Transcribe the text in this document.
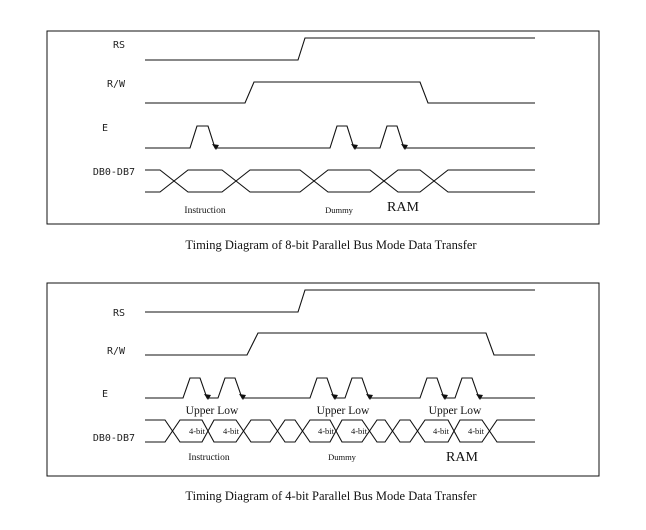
RS
R/W
E
DB0-DB7
Instruction	Dummy RAM
Timing Diagram of 8-bit Parallel Bus Mode Data Transfer
RS
R/W
E
Upper Low	Upper Low	Upper Low
DB0-DB7
4-bit 4-bit	4-bit 4-bit	4-bit 4-bit
Instruction	Dummy	RAM
Timing Diagram of 4-bit Parallel Bus Mode Data Transfer
